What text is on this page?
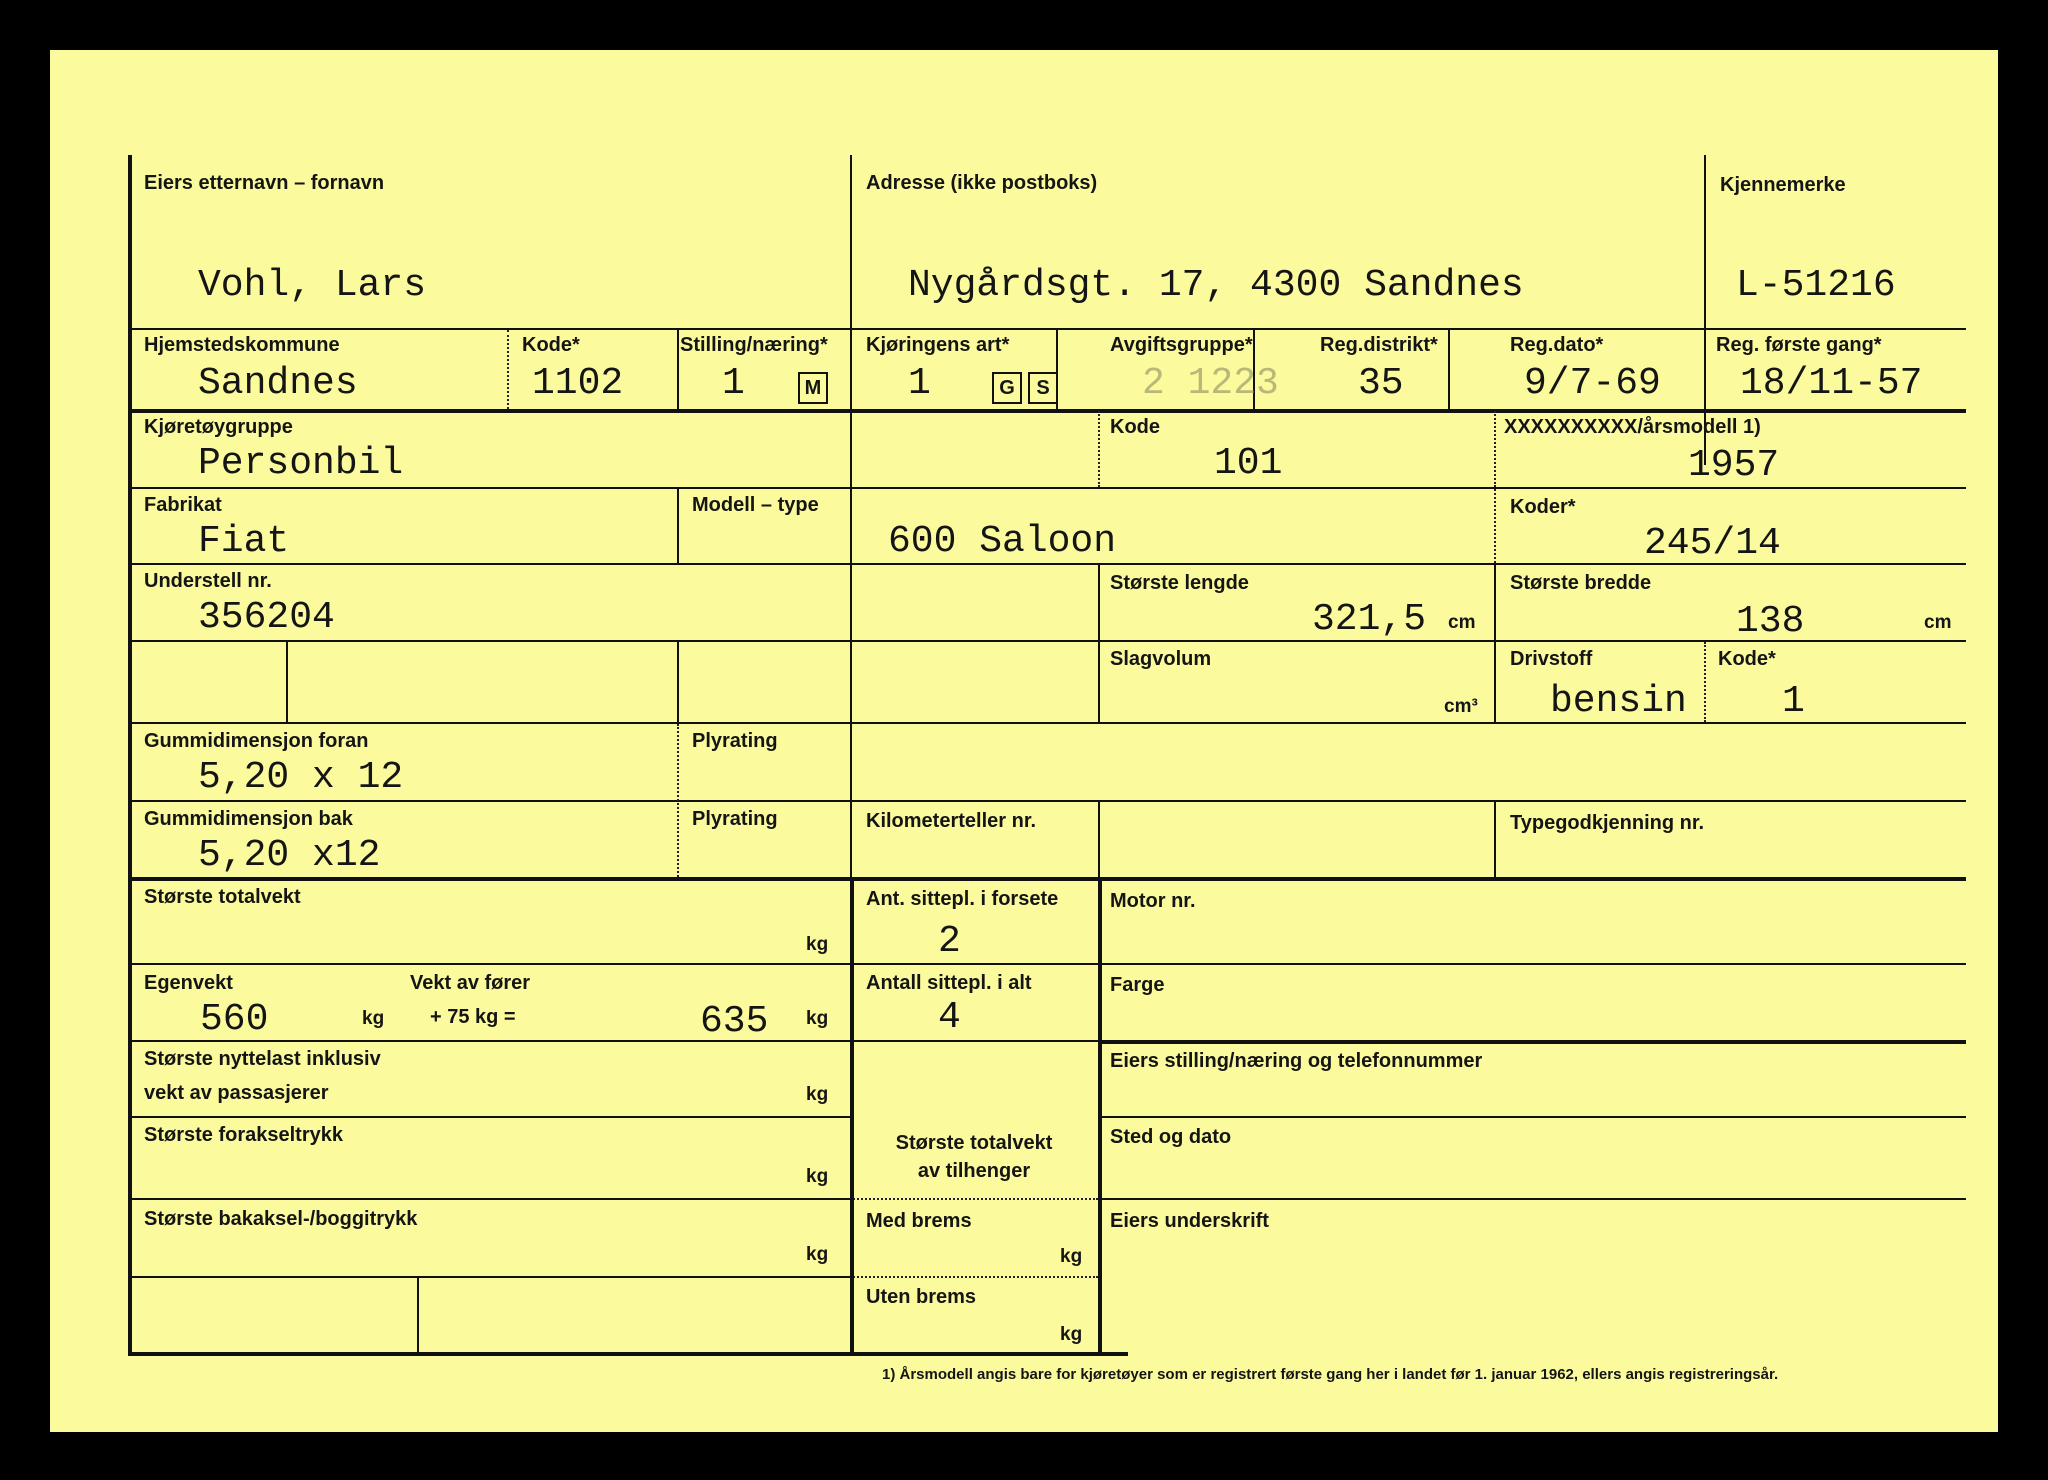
Eiers etternavn – fornavn
Vohl, Lars
Adresse (ikke postboks)
Nygårdsgt. 17, 4300 Sandnes
Kjennemerke
L-51216
Hjemstedskommune
Sandnes
Kode*
1102
Stilling/næring*
1	M
Kjøringens art*
1	G	S
Avgiftsgruppe*
2 1223
Reg.distrikt*
35
Reg.dato*
9/7-69
Reg. første gang*
18/11-57
Kjøretøygruppe
Personbil
Kode
101
XXXXXXXXXX/årsmodell 1)
1957
Fabrikat
Fiat
Modell – type
600 Saloon
Koder*
245/14
Understell nr.
356204
Største lengde
321,5 cm
Største bredde
138	cm
Slagvolum
cm³
Drivstoff
bensin
Kode*
1
Gummidimensjon foran
5,20 x 12
Plyrating
Gummidimensjon bak
5,20 x12
Plyrating	Kilometerteller nr.	Typegodkjenning nr.
Største totalvekt
kg
Ant. sittepl. i forsete
2
Motor nr.
Egenvekt
560	kg
Vekt av fører
+ 75 kg =	635 kg
Antall sittepl. i alt
4
Farge
Største nyttelast inklusiv
vekt av passasjerer	kg
Eiers stilling/næring og telefonnummer
Største forakseltrykk
kg
Største totalvekt
av tilhenger
Sted og dato
Største bakaksel-/boggitrykk
kg
Med brems
kg
Eiers underskrift
Uten brems
kg
1) Årsmodell angis bare for kjøretøyer som er registrert første gang her i landet før 1. januar 1962, ellers angis registreringsår.
